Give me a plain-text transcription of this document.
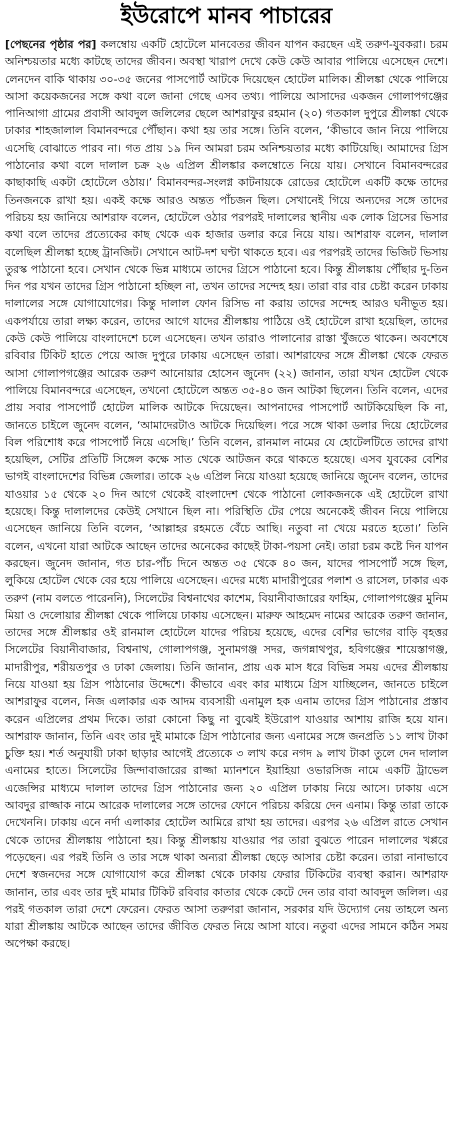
ইউরোপে মানব পাচারের

[পেছনের পৃষ্ঠার পর] কলম্বোয় একটি হোটেলে মানবেতর জীবন যাপন করছেন এই তরুণ-যুবকরা। চরম অনিশ্চয়তার মধ্যে কাটছে তাদের জীবন। অবস্থা খারাপ দেখে কেউ কেউ আবার পালিয়ে এসেছেন দেশে। লেনদেন বাকি থাকায় ৩০-৩৫ জনের পাসপোর্ট আটকে দিয়েছেন হোটেল মালিক। শ্রীলঙ্কা থেকে পালিয়ে আসা কয়েকজনের সঙ্গে কথা বলে জানা গেছে এসব তথ্য। পালিয়ে আসাদের একজন গোলাপগঞ্জের পানিআগা গ্রামের প্রবাসী আবদুল জলিলের ছেলে আশরাফুর রহমান (২০) গতকাল দুপুরে শ্রীলঙ্কা থেকে ঢাকার শাহজালাল বিমানবন্দরে পৌঁছান। কথা হয় তার সঙ্গে। তিনি বলেন, ‘কীভাবে জান নিয়ে পালিয়ে এসেছি বোঝাতে পারব না। গত প্রায় ১৯ দিন আমরা চরম অনিশ্চয়তার মধ্যে কাটিয়েছি। আমাদের গ্রিস পাঠানোর কথা বলে দালাল চক্র ২৬ এপ্রিল শ্রীলঙ্কার কলম্বোতে নিয়ে যায়। সেখানে বিমানবন্দরের কাছাকাছি একটা হোটেলে ওঠায়।’ বিমানবন্দর-সংলগ্ন কাটনায়কে রোডের হোটেলে একটি কক্ষে তাদের তিনজনকে রাখা হয়। একই কক্ষে আরও অন্তত পাঁচজন ছিল। সেখানেই গিয়ে অন্যদের সঙ্গে তাদের পরিচয় হয় জানিয়ে আশরাফ বলেন, হোটেলে ওঠার পরপরই দালালের স্থানীয় এক লোক গ্রিসের ভিসার কথা বলে তাদের প্রত্যেকের কাছ থেকে এক হাজার ডলার করে নিয়ে যায়। আশরাফ বলেন, দালাল বলেছিল শ্রীলঙ্কা হচ্ছে ট্রানজিট। সেখানে আট-দশ ঘণ্টা থাকতে হবে। এর পরপরই তাদের ভিজিট ভিসায় তুরস্ক পাঠানো হবে। সেখান থেকে ভিন্ন মাধ্যমে তাদের গ্রিসে পাঠানো হবে। কিন্তু শ্রীলঙ্কায় পৌঁছার দু-তিন দিন পর যখন তাদের গ্রিস পাঠানো হচ্ছিল না, তখন তাদের সন্দেহ হয়। তারা বার বার চেষ্টা করেন ঢাকায় দালালের সঙ্গে যোগাযোগের। কিন্তু দালাল ফোন রিসিভ না করায় তাদের সন্দেহ আরও ঘনীভূত হয়। একপর্যায়ে তারা লক্ষ্য করেন, তাদের আগে যাদের শ্রীলঙ্কায় পাঠিয়ে ওই হোটেলে রাখা হয়েছিল, তাদের কেউ কেউ পালিয়ে বাংলাদেশে চলে এসেছেন। তখন তারাও পালানোর রাস্তা খুঁজতে থাকেন। অবশেষে রবিবার টিকিট হাতে পেয়ে আজ দুপুরে ঢাকায় এসেছেন তারা। আশরাফের সঙ্গে শ্রীলঙ্কা থেকে ফেরত আসা গোলাপগঞ্জের আরেক তরুণ আনোয়ার হোসেন জুনেদ (২২) জানান, তারা যখন হোটেল থেকে পালিয়ে বিমানবন্দরে এসেছেন, তখনো হোটেলে অন্তত ৩৫-৪০ জন আটকা ছিলেন। তিনি বলেন, এদের প্রায় সবার পাসপোর্ট হোটেল মালিক আটকে দিয়েছেন। আপনাদের পাসপোর্ট আটকিয়েছিল কি না, জানতে চাইলে জুনেদ বলেন, ‘আমাদেরটাও আটকে দিয়েছিল। পরে সঙ্গে থাকা ডলার দিয়ে হোটেলের বিল পরিশোধ করে পাসপোর্ট নিয়ে এসেছি।’ তিনি বলেন, রানমাল নামের যে হোটেলটিতে তাদের রাখা হয়েছিল, সেটির প্রতিটি সিঙ্গেল কক্ষে সাত থেকে আটজন করে থাকতে হয়েছে। এসব যুবকের বেশির ভাগই বাংলাদেশের বিভিন্ন জেলার। তাকে ২৬ এপ্রিল নিয়ে যাওয়া হয়েছে জানিয়ে জুনেদ বলেন, তাদের যাওয়ার ১৫ থেকে ২০ দিন আগে থেকেই বাংলাদেশ থেকে পাঠানো লোকজনকে এই হোটেলে রাখা হয়েছে। কিন্তু দালালদের কেউই সেখানে ছিল না। পরিস্থিতি টের পেয়ে অনেকেই জীবন নিয়ে পালিয়ে এসেছেন জানিয়ে তিনি বলেন, ‘আল্লাহর রহমতে বেঁচে আছি। নতুবা না খেয়ে মরতে হতো।’ তিনি বলেন, এখনো যারা আটকে আছেন তাদের অনেকের কাছেই টাকা-পয়সা নেই। তারা চরম কষ্টে দিন যাপন করছেন। জুনেদ জানান, গত চার-পাঁচ দিনে অন্তত ৩৫ থেকে ৪০ জন, যাদের পাসপোর্ট সঙ্গে ছিল, লুকিয়ে হোটেল থেকে বের হয়ে পালিয়ে এসেছেন। এদের মধ্যে মাদারীপুরের পলাশ ও রাসেল, ঢাকার এক তরুণ (নাম বলতে পারেননি), সিলেটের বিশ্বনাথের কাশেম, বিয়ানীবাজারের ফাহিম, গোলাপগঞ্জের মুনিম মিয়া ও দেলোয়ার শ্রীলঙ্কা থেকে পালিয়ে ঢাকায় এসেছেন। মারুফ আহমেদ নামের আরেক তরুণ জানান, তাদের সঙ্গে শ্রীলঙ্কার ওই রানমাল হোটেলে যাদের পরিচয় হয়েছে, এদের বেশির ভাগের বাড়ি বৃহত্তর সিলেটের বিয়ানীবাজার, বিশ্বনাথ, গোলাপগঞ্জ, সুনামগঞ্জ সদর, জগন্নাথপুর, হবিগঞ্জের শায়েস্তাগঞ্জ, মাদারীপুর, শরীয়তপুর ও ঢাকা জেলায়। তিনি জানান, প্রায় এক মাস ধরে বিভিন্ন সময় এদের শ্রীলঙ্কায় নিয়ে যাওয়া হয় গ্রিস পাঠানোর উদ্দেশে। কীভাবে এবং কার মাধ্যমে গ্রিস যাচ্ছিলেন, জানতে চাইলে আশরাফুর বলেন, নিজ এলাকার এক আদম ব্যবসায়ী এনামুল হক এনাম তাদের গ্রিস পাঠানোর প্রস্তাব করেন এপ্রিলের প্রথম দিকে। তারা কোনো কিছু না বুঝেই ইউরোপ যাওয়ার আশায় রাজি হয়ে যান। আশরাফ জানান, তিনি এবং তার দুই মামাকে গ্রিস পাঠানোর জন্য এনামের সঙ্গে জনপ্রতি ১১ লাখ টাকা চুক্তি হয়। শর্ত অনুযায়ী ঢাকা ছাড়ার আগেই প্রত্যেকে ৩ লাখ করে নগদ ৯ লাখ টাকা তুলে দেন দালাল এনামের হাতে। সিলেটের জিন্দাবাজারের রাজ্জা ম্যানশনে ইয়াহিয়া ওভারসিজ নামে একটি ট্রাভেল এজেন্সির মাধ্যমে দালাল তাদের গ্রিস পাঠানোর জন্য ২০ এপ্রিল ঢাকায় নিয়ে আসে। ঢাকায় এসে আবদুর রাজ্জাক নামে আরেক দালালের সঙ্গে তাদের ফোনে পরিচয় করিয়ে দেন এনাম। কিন্তু তারা তাকে দেখেননি। ঢাকায় এনে নর্দা এলাকার হোটেল আমিরে রাখা হয় তাদের। এরপর ২৬ এপ্রিল রাতে সেখান থেকে তাদের শ্রীলঙ্কায় পাঠানো হয়। কিন্তু শ্রীলঙ্কায় যাওয়ার পর তারা বুঝতে পারেন দালালের খপ্পরে পড়েছেন। এর পরই তিনি ও তার সঙ্গে থাকা অন্যরা শ্রীলঙ্কা ছেড়ে আসার চেষ্টা করেন। তারা নানাভাবে দেশে স্বজনদের সঙ্গে যোগাযোগ করে শ্রীলঙ্কা থেকে ঢাকায় ফেরার টিকিটের ব্যবস্থা করান। আশরাফ জানান, তার এবং তার দুই মামার টিকিট রবিবার কাতার থেকে কেটে দেন তার বাবা আবদুল জলিল। এর পরই গতকাল তারা দেশে ফেরেন। ফেরত আসা তরুণরা জানান, সরকার যদি উদ্যোগ নেয় তাহলে অন্য যারা শ্রীলঙ্কায় আটকে আছেন তাদের জীবিত ফেরত নিয়ে আসা যাবে। নতুবা এদের সামনে কঠিন সময় অপেক্ষা করছে।
